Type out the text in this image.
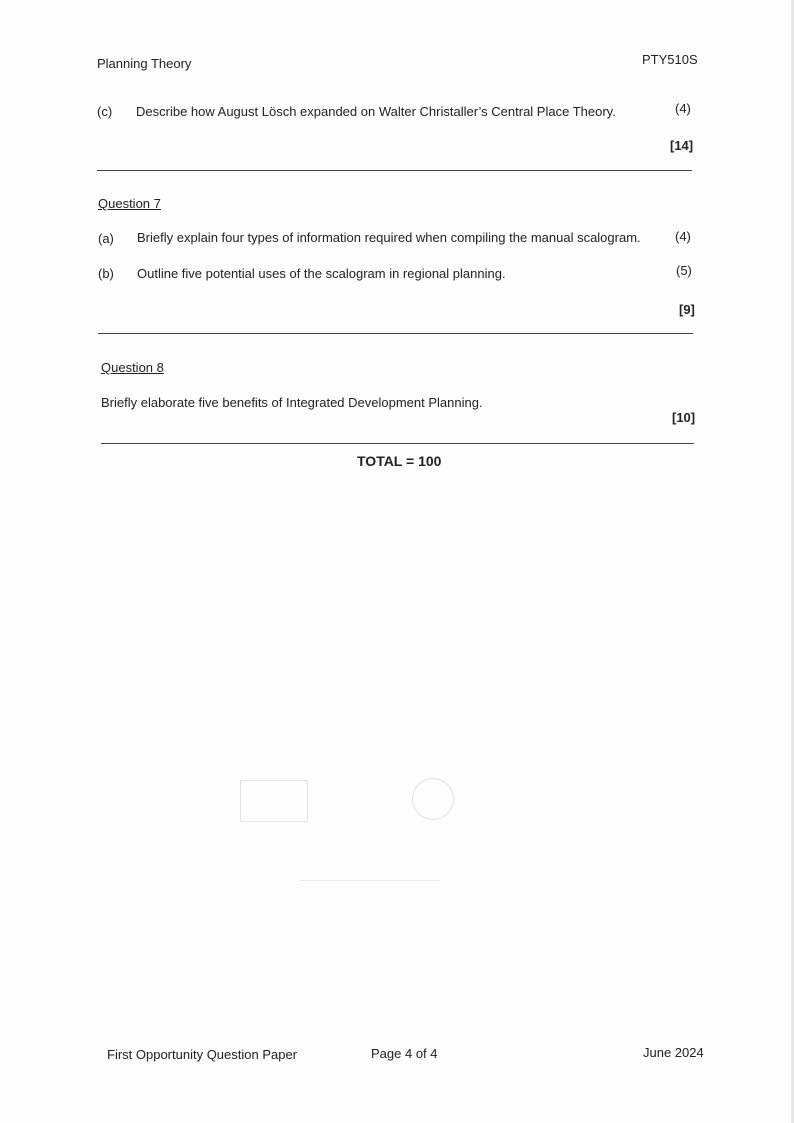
Planning Theory	PTY510S
(c) Describe how August Lösch expanded on Walter Christaller’s Central Place Theory.	(4)
[14]
Question 7
(a) Briefly explain four types of information required when compiling the manual scalogram.	(4)
(b) Outline five potential uses of the scalogram in regional planning.	(5)
[9]
Question 8
Briefly elaborate five benefits of Integrated Development Planning.
[10]
TOTAL = 100
First Opportunity Question Paper	Page 4 of 4	June 2024
